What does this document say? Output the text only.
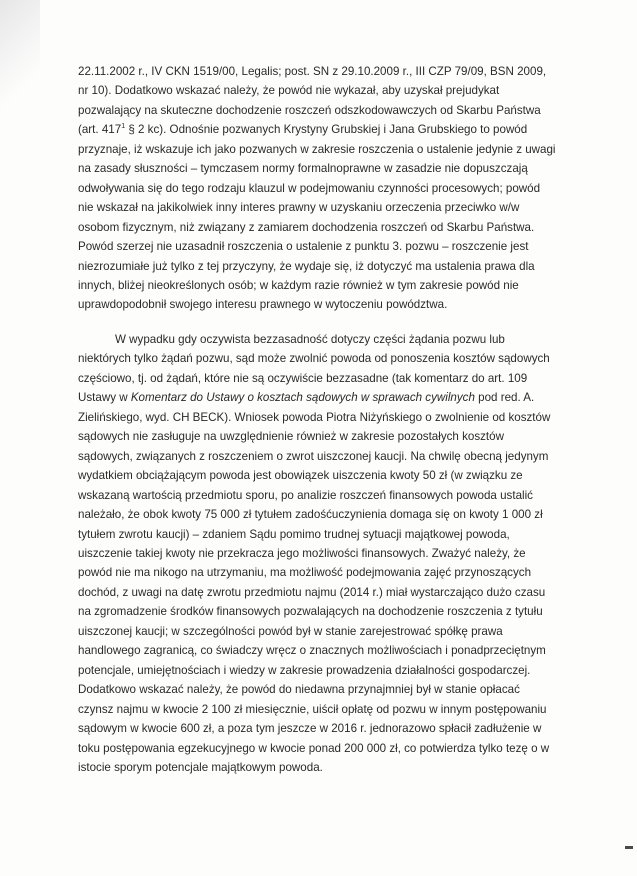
22.11.2002 r., IV CKN 1519/00, Legalis; post. SN z 29.10.2009 r., III CZP 79/09, BSN 2009,
nr 10). Dodatkowo wskazać należy, że powód nie wykazał, aby uzyskał prejudykat
pozwalający na skuteczne dochodzenie roszczeń odszkodowawczych od Skarbu Państwa
(art. $417^1$ § 2 kc). Odnośnie pozwanych Krystyny Grubskiej i Jana Grubskiego to powód
przyznaje, iż wskazuje ich jako pozwanych w zakresie roszczenia o ustalenie jedynie z uwagi
na zasady słuszności – tymczasem normy formalnoprawne w zasadzie nie dopuszczają
odwoływania się do tego rodzaju klauzul w podejmowaniu czynności procesowych; powód
nie wskazał na jakikolwiek inny interes prawny w uzyskaniu orzeczenia przeciwko w/w
osobom fizycznym, niż związany z zamiarem dochodzenia roszczeń od Skarbu Państwa.
Powód szerzej nie uzasadnił roszczenia o ustalenie z punktu 3. pozwu – roszczenie jest
niezrozumiałe już tylko z tej przyczyny, że wydaje się, iż dotyczyć ma ustalenia prawa dla
innych, bliżej nieokreślonych osób; w każdym razie również w tym zakresie powód nie
uprawdopodobnił swojego interesu prawnego w wytoczeniu powództwa.
W wypadku gdy oczywista bezzasadność dotyczy części żądania pozwu lub
niektórych tylko żądań pozwu, sąd może zwolnić powoda od ponoszenia kosztów sądowych
częściowo, tj. od żądań, które nie są oczywiście bezzasadne (tak komentarz do art. 109
Ustawy w Komentarz do Ustawy o kosztach sądowych w sprawach cywilnych pod red. A.
Zielińskiego, wyd. CH BECK). Wniosek powoda Piotra Niżyńskiego o zwolnienie od kosztów
sądowych nie zasługuje na uwzględnienie również w zakresie pozostałych kosztów
sądowych, związanych z roszczeniem o zwrot uiszczonej kaucji. Na chwilę obecną jedynym
wydatkiem obciążającym powoda jest obowiązek uiszczenia kwoty 50 zł (w związku ze
wskazaną wartością przedmiotu sporu, po analizie roszczeń finansowych powoda ustalić
należało, że obok kwoty 75 000 zł tytułem zadośćuczynienia domaga się on kwoty 1 000 zł
tytułem zwrotu kaucji) – zdaniem Sądu pomimo trudnej sytuacji majątkowej powoda,
uiszczenie takiej kwoty nie przekracza jego możliwości finansowych. Zważyć należy, że
powód nie ma nikogo na utrzymaniu, ma możliwość podejmowania zajęć przynoszących
dochód, z uwagi na datę zwrotu przedmiotu najmu (2014 r.) miał wystarczająco dużo czasu
na zgromadzenie środków finansowych pozwalających na dochodzenie roszczenia z tytułu
uiszczonej kaucji; w szczególności powód był w stanie zarejestrować spółkę prawa
handlowego zagranicą, co świadczy wręcz o znacznych możliwościach i ponadprzeciętnym
potencjale, umiejętnościach i wiedzy w zakresie prowadzenia działalności gospodarczej.
Dodatkowo wskazać należy, że powód do niedawna przynajmniej był w stanie opłacać
czynsz najmu w kwocie 2 100 zł miesięcznie, uiścił opłatę od pozwu w innym postępowaniu
sądowym w kwocie 600 zł, a poza tym jeszcze w 2016 r. jednorazowo spłacił zadłużenie w
toku postępowania egzekucyjnego w kwocie ponad 200 000 zł, co potwierdza tylko tezę o w
istocie sporym potencjale majątkowym powoda.
